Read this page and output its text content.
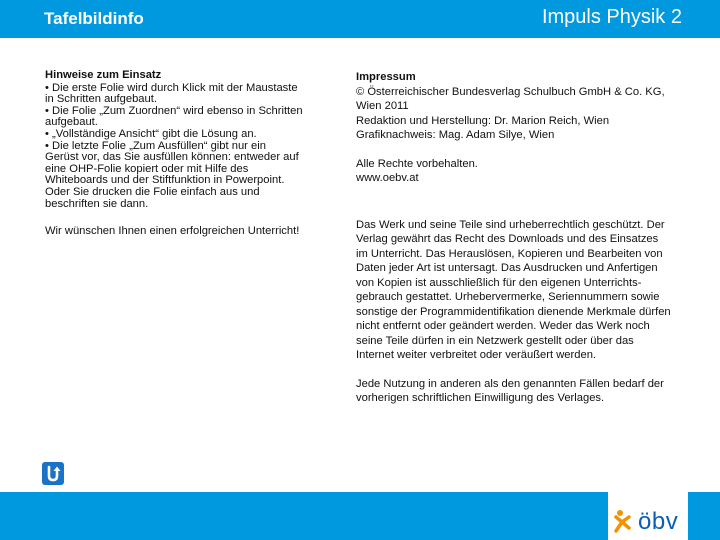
Tafelbildinfo	Impuls Physik 2
Hinweise zum Einsatz
• Die erste Folie wird durch Klick mit der Maustaste
in Schritten aufgebaut.
• Die Folie „Zum Zuordnen“ wird ebenso in Schritten
aufgebaut.
• „Vollständige Ansicht“ gibt die Lösung an.
• Die letzte Folie „Zum Ausfüllen“ gibt nur ein
Gerüst vor, das Sie ausfüllen können: entweder auf
eine OHP-Folie kopiert oder mit Hilfe des
Whiteboards und der Stiftfunktion in Powerpoint.
Oder Sie drucken die Folie einfach aus und
beschriften sie dann.
Wir wünschen Ihnen einen erfolgreichen Unterricht!
Impressum
© Österreichischer Bundesverlag Schulbuch GmbH & Co. KG,
Wien 2011
Redaktion und Herstellung: Dr. Marion Reich, Wien
Grafiknachweis: Mag. Adam Silye, Wien
Alle Rechte vorbehalten.
www.oebv.at
Das Werk und seine Teile sind urheberrechtlich geschützt. Der
Verlag gewährt das Recht des Downloads und des Einsatzes
im Unterricht. Das Herauslösen, Kopieren und Bearbeiten von
Daten jeder Art ist untersagt. Das Ausdrucken und Anfertigen
von Kopien ist ausschließlich für den eigenen Unterrichts-
gebrauch gestattet. Urhebervermerke, Seriennummern sowie
sonstige der Programmidentifikation dienende Merkmale dürfen
nicht entfernt oder geändert werden. Weder das Werk noch
seine Teile dürfen in ein Netzwerk gestellt oder über das
Internet weiter verbreitet oder veräußert werden.
Jede Nutzung in anderen als den genannten Fällen bedarf der
vorherigen schriftlichen Einwilligung des Verlages.
öbv
